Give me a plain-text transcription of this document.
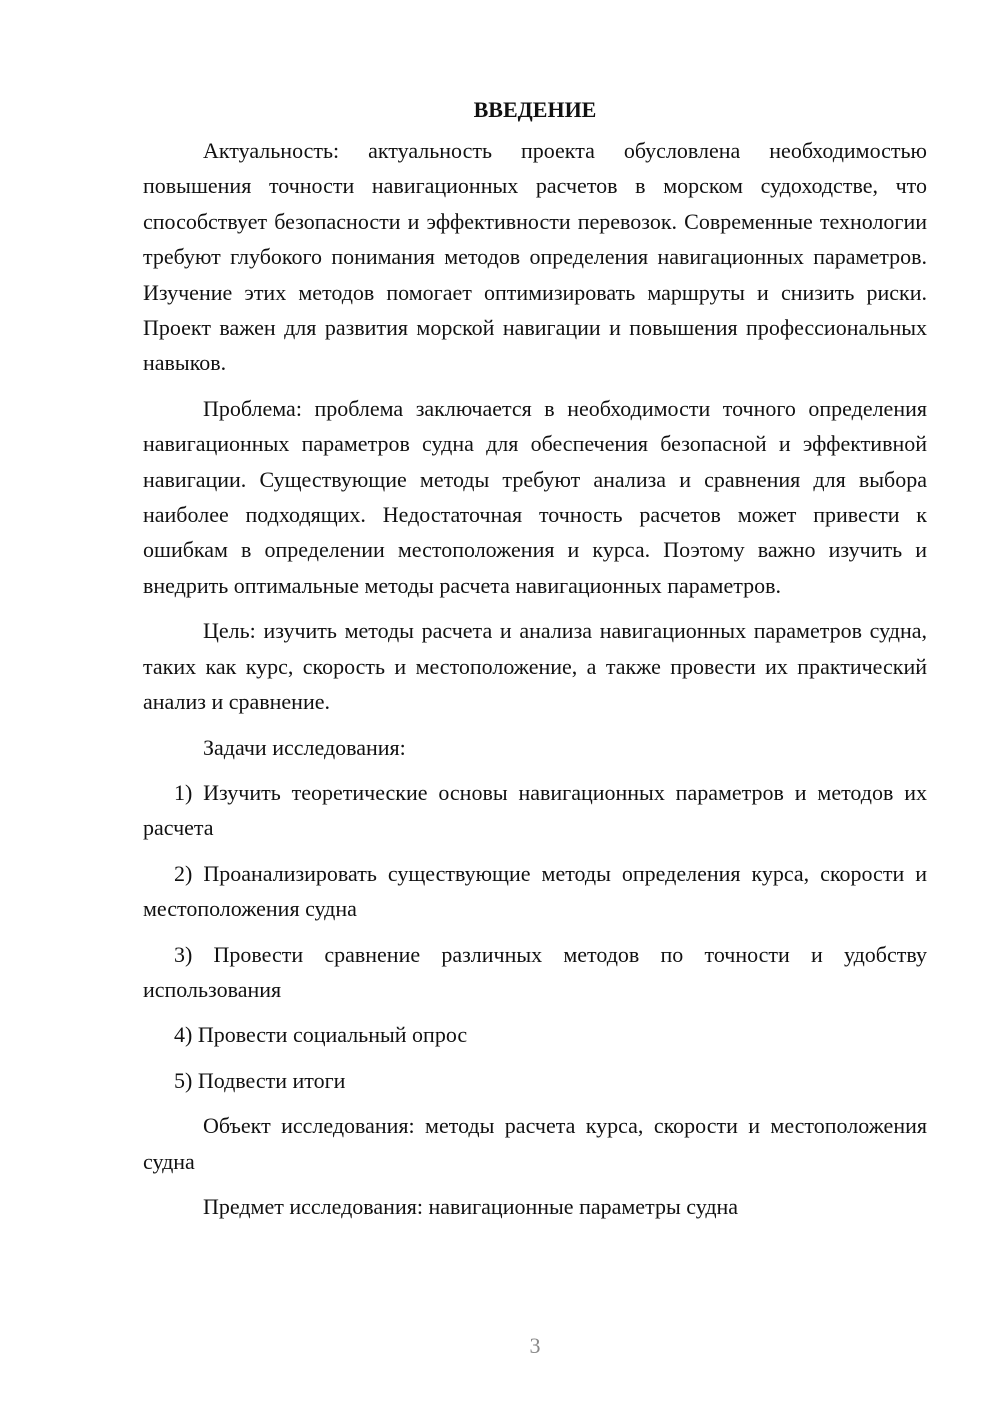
ВВЕДЕНИЕ

Актуальность: актуальность проекта обусловлена необходимостью повышения точности навигационных расчетов в морском судоходстве, что способствует безопасности и эффективности перевозок. Современные технологии требуют глубокого понимания методов определения навигационных параметров. Изучение этих методов помогает оптимизировать маршруты и снизить риски. Проект важен для развития морской навигации и повышения профессиональных навыков.

Проблема: проблема заключается в необходимости точного определения навигационных параметров судна для обеспечения безопасной и эффективной навигации. Существующие методы требуют анализа и сравнения для выбора наиболее подходящих. Недостаточная точность расчетов может привести к ошибкам в определении местоположения и курса. Поэтому важно изучить и внедрить оптимальные методы расчета навигационных параметров.

Цель: изучить методы расчета и анализа навигационных параметров судна, таких как курс, скорость и местоположение, а также провести их практический анализ и сравнение.

Задачи исследования:

1) Изучить теоретические основы навигационных параметров и методов их расчета

2) Проанализировать существующие методы определения курса, скорости и местоположения судна

3) Провести сравнение различных методов по точности и удобству использования

4) Провести социальный опрос

5) Подвести итоги

Объект исследования: методы расчета курса, скорости и местоположения судна

Предмет исследования: навигационные параметры судна

3
